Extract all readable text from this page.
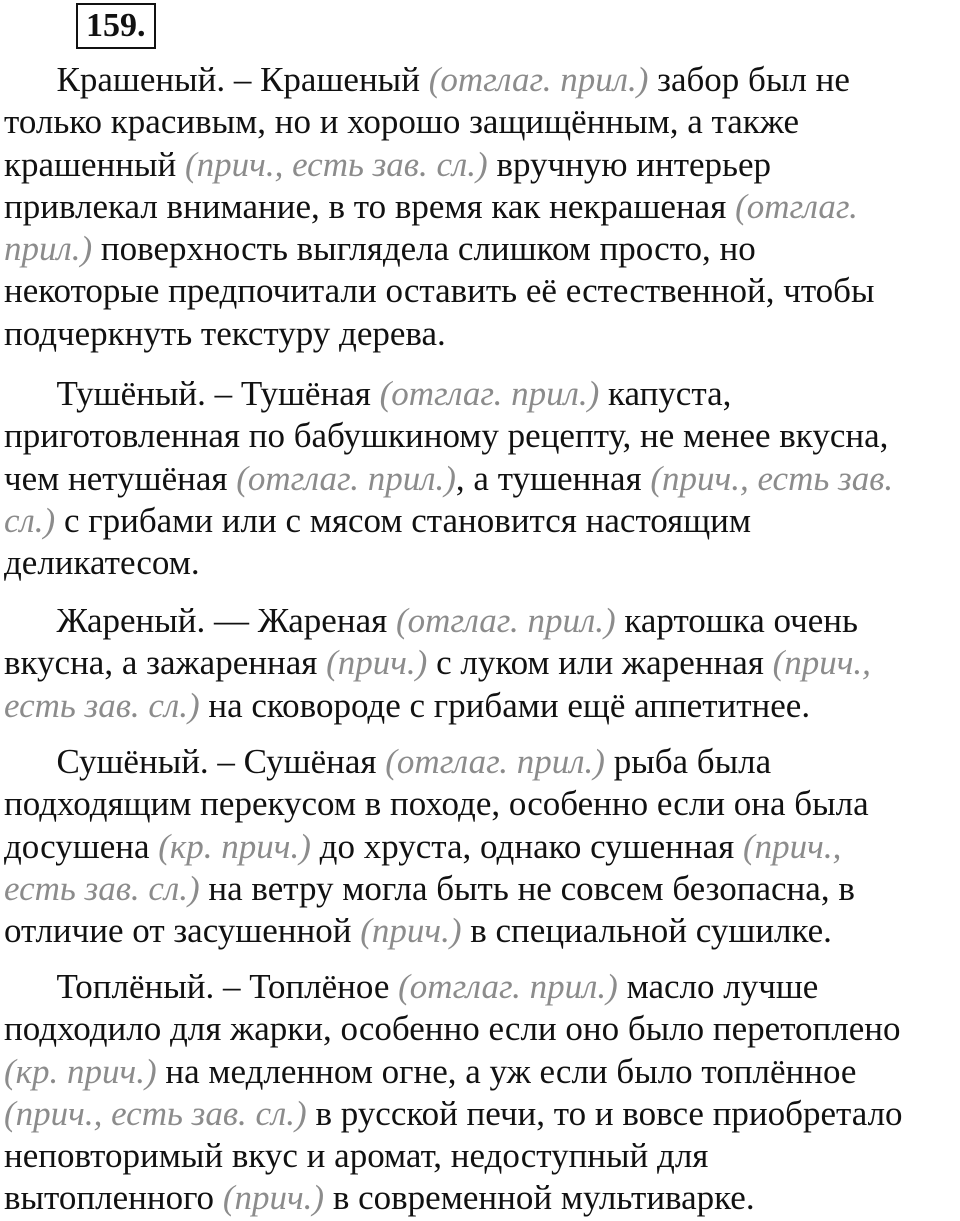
159.
Крашеный. – Крашеный (отглаг. прил.) забор был не
только красивым, но и хорошо защищённым, а также
крашенный (прич., есть зав. сл.) вручную интерьер
привлекал внимание, в то время как некрашеная (отглаг.
прил.) поверхность выглядела слишком просто, но
некоторые предпочитали оставить её естественной, чтобы
подчеркнуть текстуру дерева.
Тушёный. – Тушёная (отглаг. прил.) капуста,
приготовленная по бабушкиному рецепту, не менее вкусна,
чем нетушёная (отглаг. прил.), а тушенная (прич., есть зав.
сл.) с грибами или с мясом становится настоящим
деликатесом.
Жареный. — Жареная (отглаг. прил.) картошка очень
вкусна, а зажаренная (прич.) с луком или жаренная (прич.,
есть зав. сл.) на сковороде с грибами ещё аппетитнее.
Сушёный. – Сушёная (отглаг. прил.) рыба была
подходящим перекусом в походе, особенно если она была
досушена (кр. прич.) до хруста, однако сушенная (прич.,
есть зав. сл.) на ветру могла быть не совсем безопасна, в
отличие от засушенной (прич.) в специальной сушилке.
Топлёный. – Топлёное (отглаг. прил.) масло лучше
подходило для жарки, особенно если оно было перетоплено
(кр. прич.) на медленном огне, а уж если было топлённое
(прич., есть зав. сл.) в русской печи, то и вовсе приобретало
неповторимый вкус и аромат, недоступный для
вытопленного (прич.) в современной мультиварке.
